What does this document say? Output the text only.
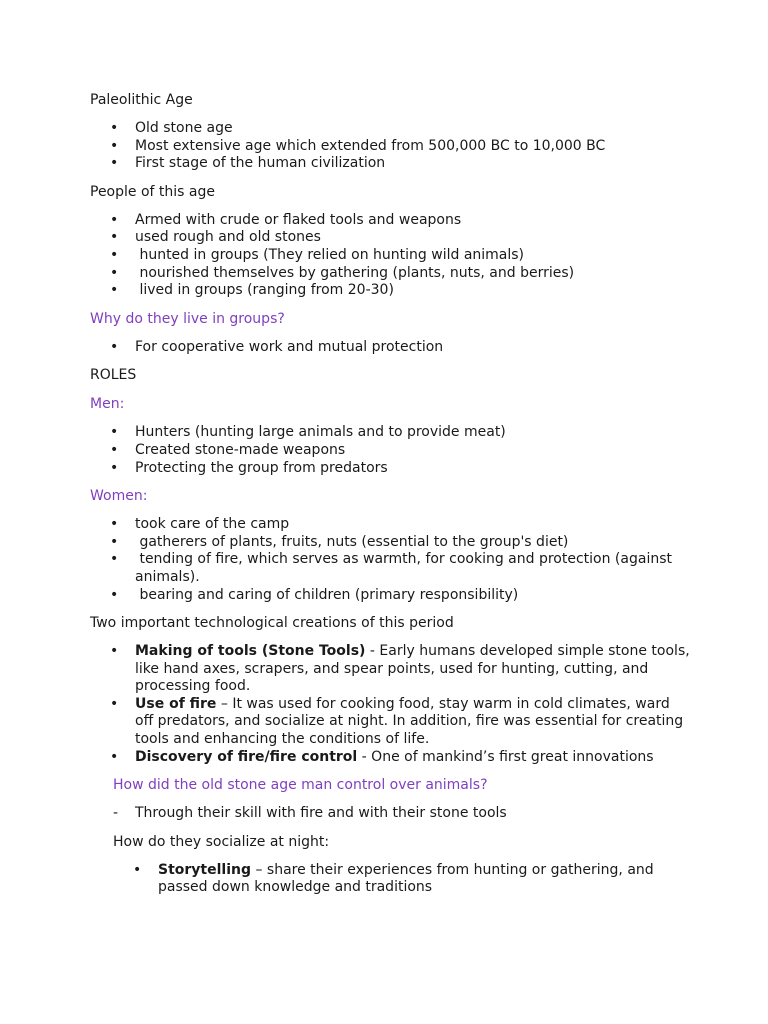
Paleolithic Age

• Old stone age
• Most extensive age which extended from 500,000 BC to 10,000 BC
• First stage of the human civilization

People of this age

• Armed with crude or flaked tools and weapons
• used rough and old stones
• hunted in groups (They relied on hunting wild animals)
• nourished themselves by gathering (plants, nuts, and berries)
• lived in groups (ranging from 20-30)

Why do they live in groups?

• For cooperative work and mutual protection

ROLES

Men:

• Hunters (hunting large animals and to provide meat)
• Created stone-made weapons
• Protecting the group from predators

Women:

• took care of the camp
• gatherers of plants, fruits, nuts (essential to the group's diet)
• tending of fire, which serves as warmth, for cooking and protection (against animals).
• bearing and caring of children (primary responsibility)

Two important technological creations of this period

• Making of tools (Stone Tools) - Early humans developed simple stone tools, like hand axes, scrapers, and spear points, used for hunting, cutting, and processing food.
• Use of fire – It was used for cooking food, stay warm in cold climates, ward off predators, and socialize at night. In addition, fire was essential for creating tools and enhancing the conditions of life.
• Discovery of fire/fire control - One of mankind’s first great innovations

How did the old stone age man control over animals?

- Through their skill with fire and with their stone tools

How do they socialize at night:

• Storytelling – share their experiences from hunting or gathering, and passed down knowledge and traditions
